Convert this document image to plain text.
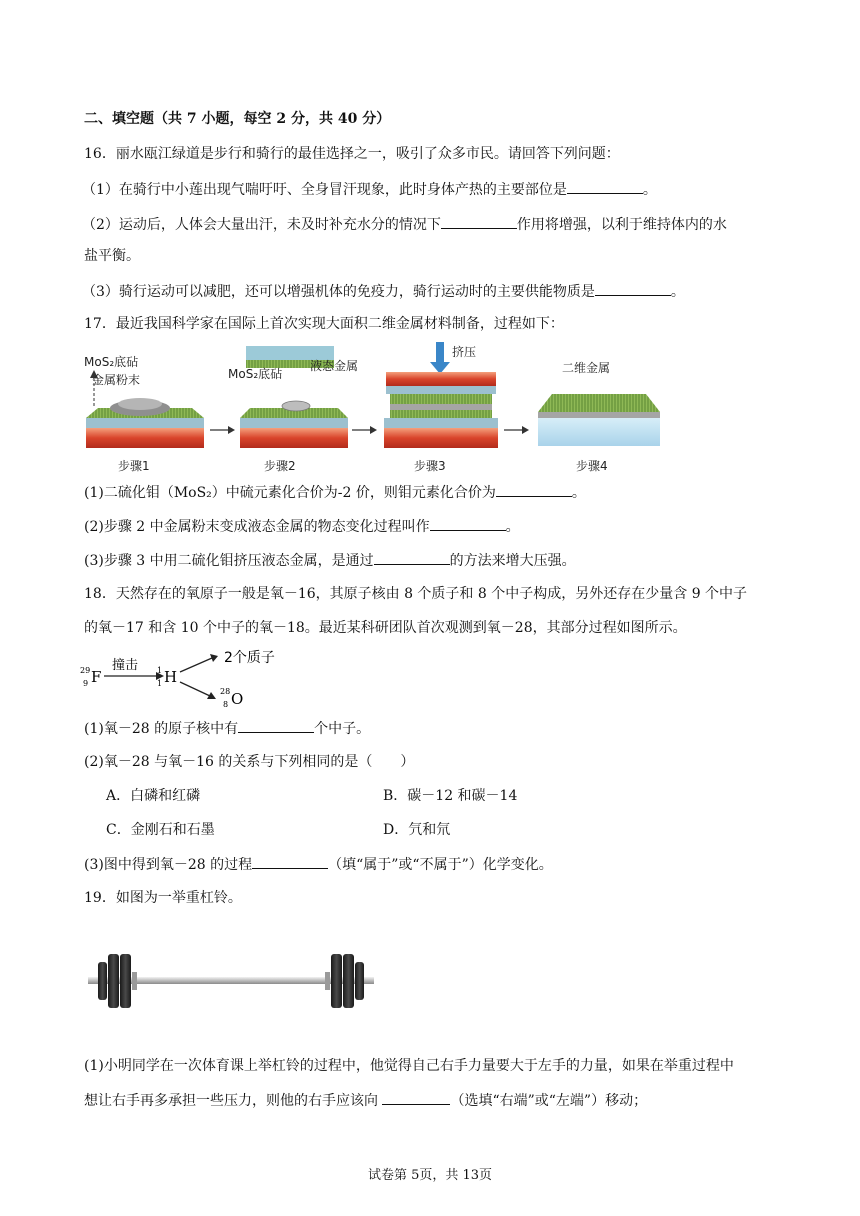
二、填空题（共 7 小题，每空 2 分，共 40 分）
16．丽水瓯江绿道是步行和骑行的最佳选择之一，吸引了众多市民。请回答下列问题：
（1）在骑行中小莲出现气喘吁吁、全身冒汗现象，此时身体产热的主要部位是	。
（2）运动后，人体会大量出汗，未及时补充水分的情况下	作用将增强，以利于维持体内的水
盐平衡。
（3）骑行运动可以减肥，还可以增强机体的免疫力，骑行运动时的主要供能物质是	。
17．最近我国科学家在国际上首次实现大面积二维金属材料制备，过程如下：
MoS₂底砧
金属粉末
步骤1
MoS₂底砧
液态金属
步骤2
挤压
步骤3
二维金属
步骤4
(1)二硫化钼（MoS₂）中硫元素化合价为-2 价，则钼元素化合价为	。
(2)步骤 2 中金属粉末变成液态金属的物态变化过程叫作	。
(3)步骤 3 中用二硫化钼挤压液态金属，是通过	的方法来增大压强。
18．天然存在的氧原子一般是氧－16，其原子核由 8 个质子和 8 个中子构成，另外还存在少量含 9 个中子
的氧－17 和含 10 个中子的氧－18。最近某科研团队首次观测到氧－28，其部分过程如图所示。
29
9 F
撞击 1
1 H
2个质子
28
8 O
(1)氧－28 的原子核中有	个中子。
(2)氧－28 与氧－16 的关系与下列相同的是（　　）
A．白磷和红磷	B．碳－12 和碳－14
C．金刚石和石墨	D．氕和氘
(3)图中得到氧－28 的过程	（填“属于”或“不属于”）化学变化。
19．如图为一举重杠铃。
(1)小明同学在一次体育课上举杠铃的过程中，他觉得自己右手力量要大于左手的力量，如果在举重过程中
想让右手再多承担一些压力，则他的右手应该向	（选填“右端”或“左端”）移动；
试卷第 5页，共 13页
